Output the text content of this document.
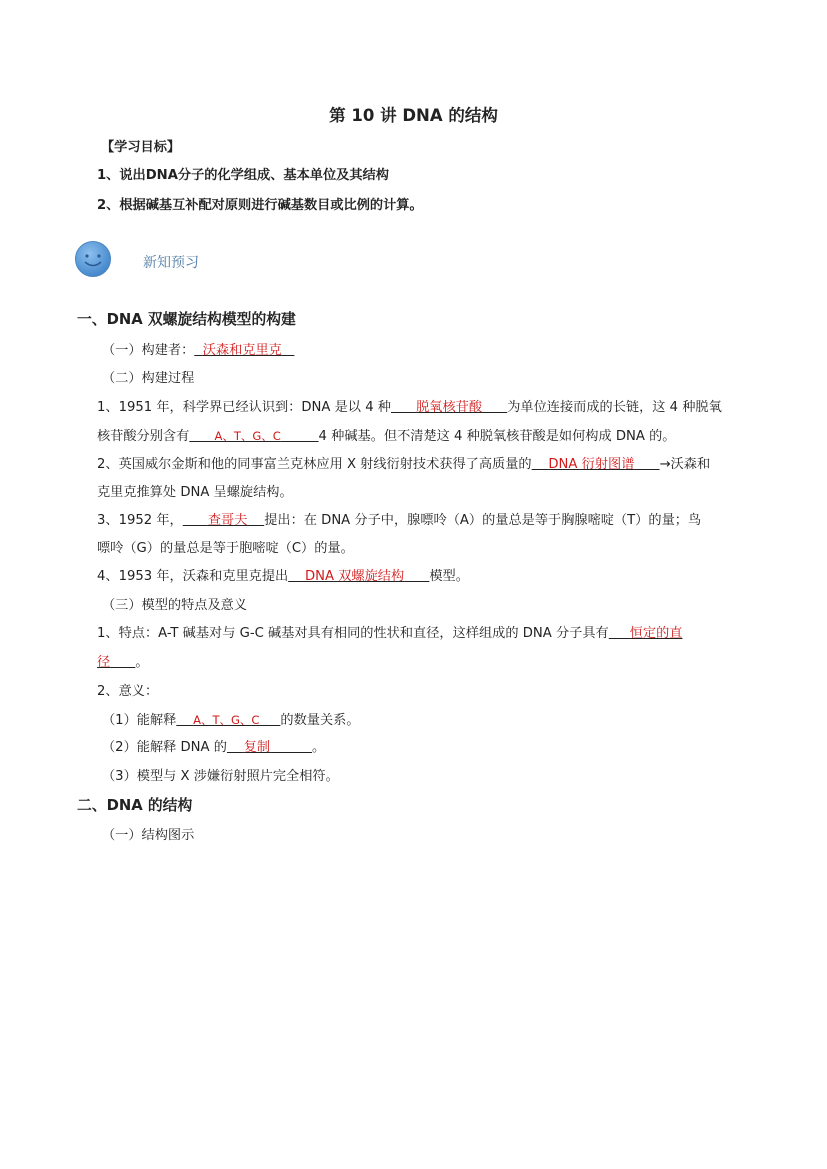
第 10 讲 DNA 的结构
【学习目标】
1、说出DNA分子的化学组成、基本单位及其结构
2、根据碱基互补配对原则进行碱基数目或比例的计算。
新知预习
一、DNA 双螺旋结构模型的构建
（一）构建者： 沃森和克里克
（二）构建过程
1、1951 年，科学界已经认识到：DNA 是以 4 种 脱氧核苷酸 为单位连接而成的长链，这 4 种脱氧
核苷酸分别含有 A、T、G、C	4 种碱基。但不清楚这 4 种脱氧核苷酸是如何构成 DNA 的。
2、英国威尔金斯和他的同事富兰克林应用 X 射线衍射技术获得了高质量的 DNA 衍射图谱 →沃森和
克里克推算处 DNA 呈螺旋结构。
3、1952 年， 查哥夫 提出：在 DNA 分子中，腺嘌呤（A）的量总是等于胸腺嘧啶（T）的量；鸟
嘌呤（G）的量总是等于胞嘧啶（C）的量。
4、1953 年，沃森和克里克提出 DNA 双螺旋结构 模型。
（三）模型的特点及意义
1、特点：A-T 碱基对与 G-C 碱基对具有相同的性状和直径，这样组成的 DNA 分子具有 恒定的直
径 。
2、意义：
（1）能解释 A、T、G、C 的数量关系。
（2）能解释 DNA 的 复制	。
（3）模型与 X 涉嫌衍射照片完全相符。
二、DNA 的结构
（一）结构图示
